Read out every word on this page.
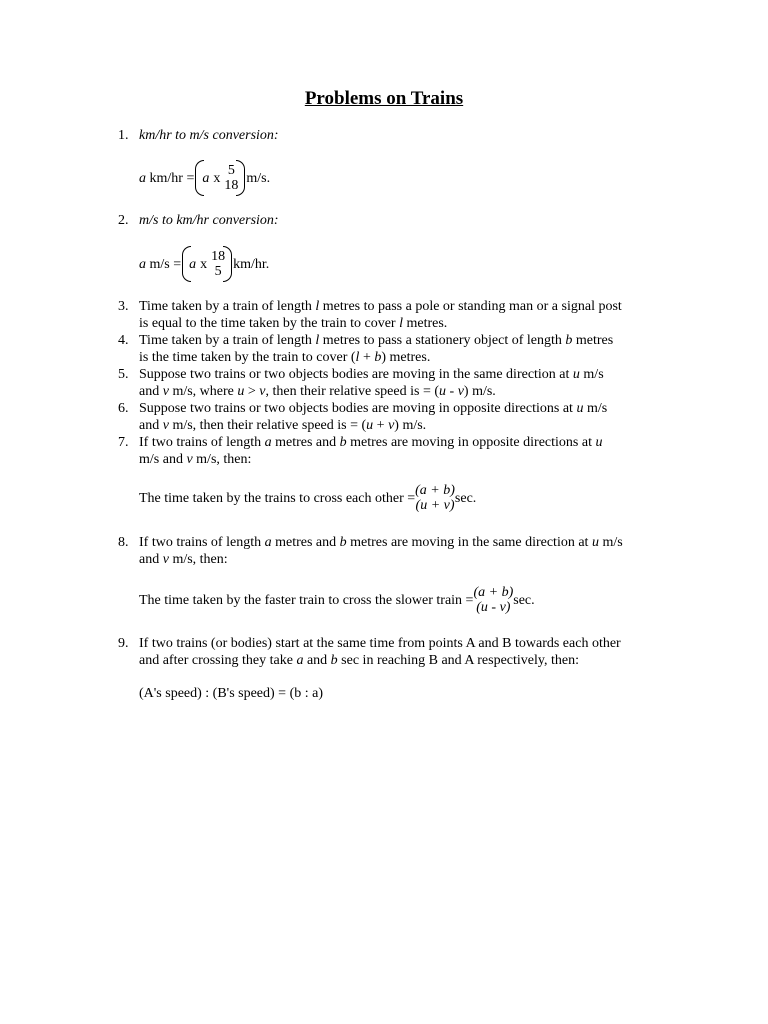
Problems on Trains
1. km/hr to m/s conversion:
a
km/hr = a x 5
18 m/s.
2. m/s to km/hr conversion:
a
m/s = a x 18
5 km/hr.
3. Time taken by a train of length l metres to pass a pole or standing man or a signal post
is equal to the time taken by the train to cover l metres.
4. Time taken by a train of length l metres to pass a stationery object of length b metres
is the time taken by the train to cover (l + b) metres.
5. Suppose two trains or two objects bodies are moving in the same direction at u m/s
and v m/s, where u > v, then their relative speed is = (u - v) m/s.
6. Suppose two trains or two objects bodies are moving in opposite directions at u m/s
and v m/s, then their relative speed is = (u + v) m/s.
7. If two trains of length a metres and b metres are moving in opposite directions at u
m/s and v m/s, then:
The time taken by the trains to cross each other = (a + b)
(u + v) sec.
8. If two trains of length a metres and b metres are moving in the same direction at u m/s
and v m/s, then:
The time taken by the faster train to cross the slower train = (a + b)
(u - v) sec.
9. If two trains (or bodies) start at the same time from points A and B towards each other
and after crossing they take a and b sec in reaching B and A respectively, then:
(A's speed) : (B's speed) = (b : a)
